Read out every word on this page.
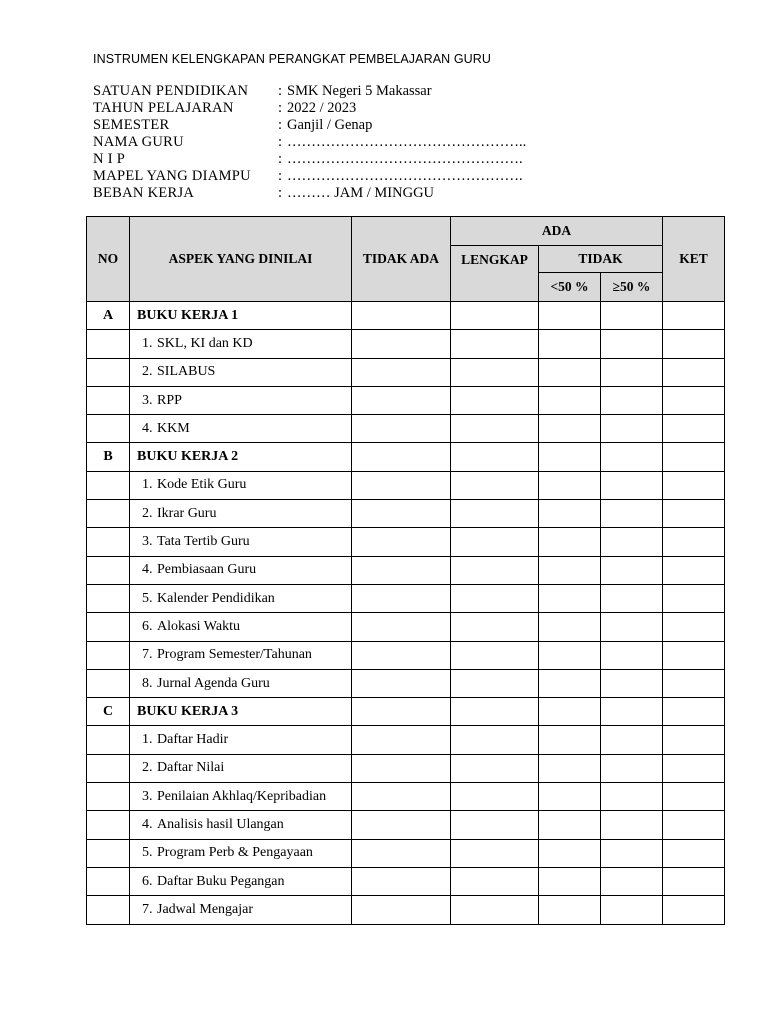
INSTRUMEN KELENGKAPAN PERANGKAT PEMBELAJARAN GURU
SATUAN PENDIDIKAN : SMK Negeri 5 Makassar
TAHUN PELAJARAN	: 2022 / 2023
SEMESTER	: Ganjil / Genap
NAMA GURU	: …………………………………………..
N I P	: ………………………………………….
MAPEL YANG DIAMPU : ………………………………………….
BEBAN KERJA	: ……… JAM / MINGGU
NO	ASPEK YANG DINILAI	TIDAK ADA	ADA			KET
			LENGKAP	TIDAK		
				<50 %	≥50 %	
A	BUKU KERJA 1					
	1. SKL, KI dan KD					
	2. SILABUS					
	3. RPP					
	4. KKM					
B	BUKU KERJA 2					
	1. Kode Etik Guru					
	2. Ikrar Guru					
	3. Tata Tertib Guru					
	4. Pembiasaan Guru					
	5. Kalender Pendidikan					
	6. Alokasi Waktu					
	7. Program Semester/Tahunan					
	8. Jurnal Agenda Guru					
C	BUKU KERJA 3					
	1. Daftar Hadir					
	2. Daftar Nilai					
	3. Penilaian Akhlaq/Kepribadian					
	4. Analisis hasil Ulangan					
	5. Program Perb & Pengayaan					
	6. Daftar Buku Pegangan					
	7. Jadwal Mengajar					
